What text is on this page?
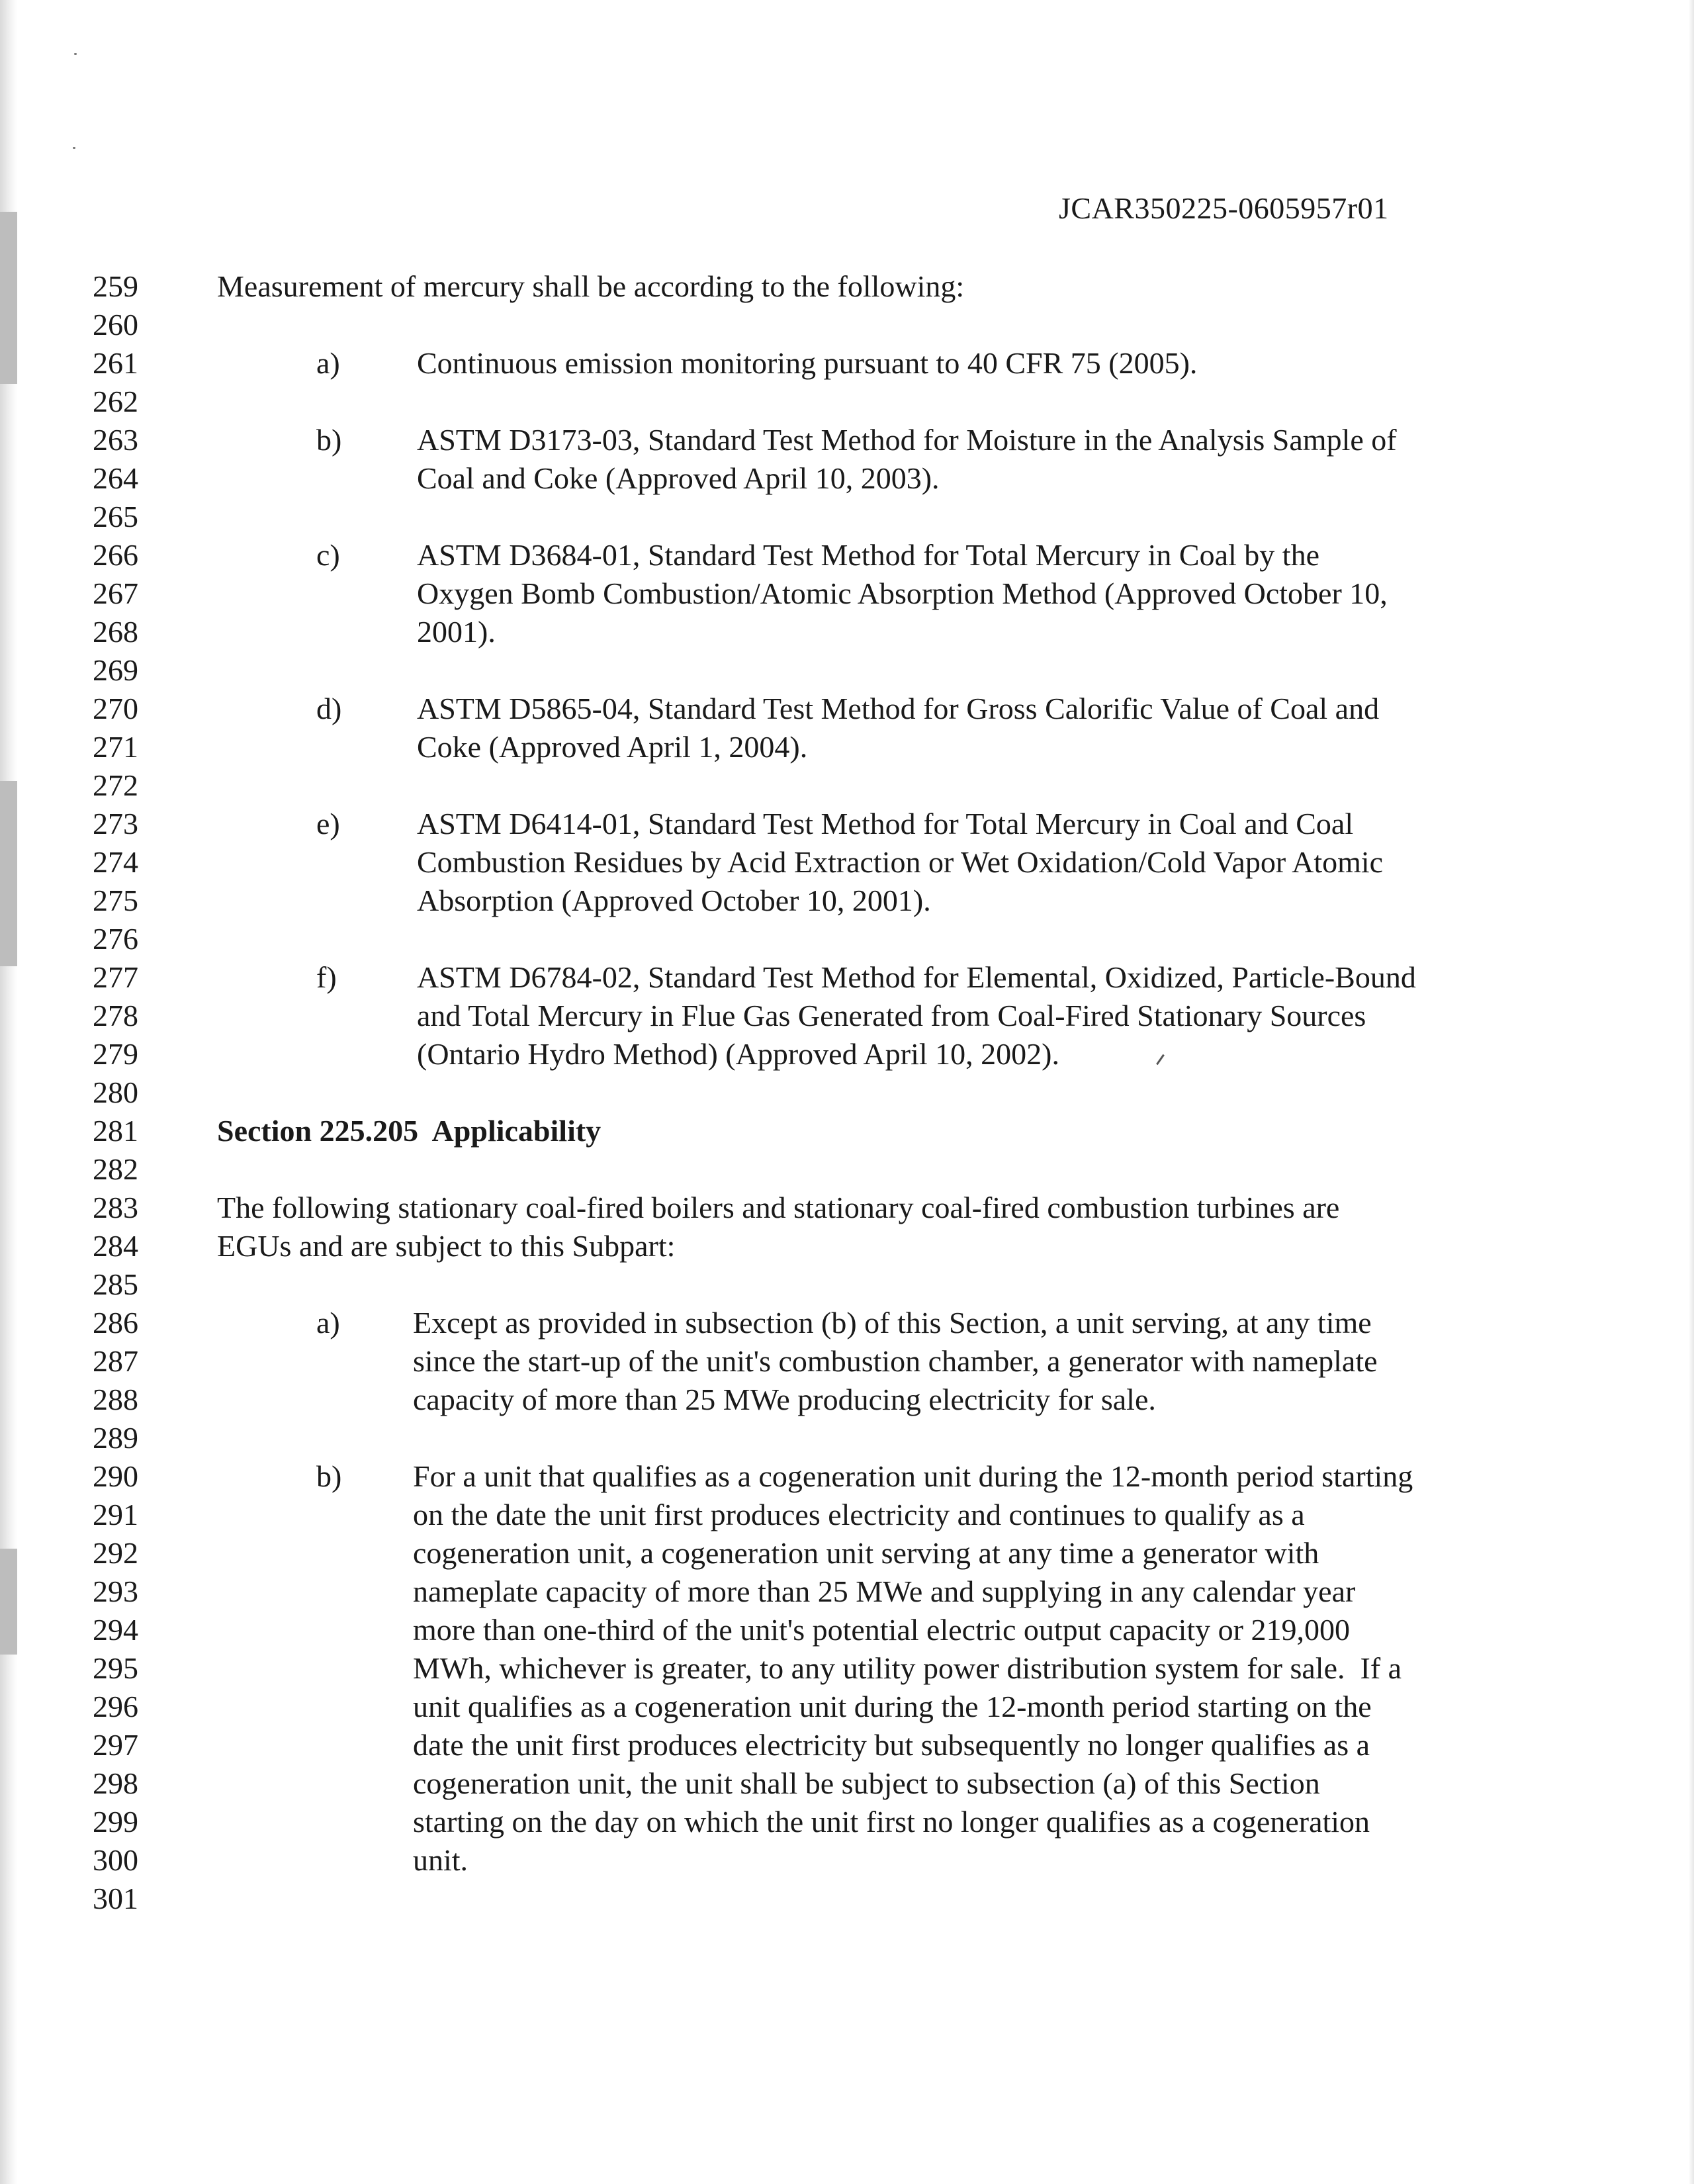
JCAR350225-0605957r01
259
260
261
262
263
264
265
266
267
268
269
270
271
272
273
274
275
276
277
278
279
280
281
282
283
284
285
286
287
288
289
290
291
292
293
294
295
296
297
298
299
300
301
Measurement of mercury shall be according to the following:
a)	Continuous emission monitoring pursuant to 40 CFR 75 (2005).
b) ASTM D3173-03, Standard Test Method for Moisture in the Analysis Sample of
Coal and Coke (Approved April 10, 2003).
c)	ASTM D3684-01, Standard Test Method for Total Mercury in Coal by the
Oxygen Bomb Combustion/Atomic Absorption Method (Approved October 10,
2001).
d) ASTM D5865-04, Standard Test Method for Gross Calorific Value of Coal and
Coke (Approved April 1, 2004).
e)	ASTM D6414-01, Standard Test Method for Total Mercury in Coal and Coal
Combustion Residues by Acid Extraction or Wet Oxidation/Cold Vapor Atomic
Absorption (Approved October 10, 2001).
f)	ASTM D6784-02, Standard Test Method for Elemental, Oxidized, Particle-Bound
and Total Mercury in Flue Gas Generated from Coal-Fired Stationary Sources
(Ontario Hydro Method) (Approved April 10, 2002).
Section 225.205  Applicability
The following stationary coal-fired boilers and stationary coal-fired combustion turbines are
EGUs and are subject to this Subpart:
a) Except as provided in subsection (b) of this Section, a unit serving, at any time
since the start-up of the unit's combustion chamber, a generator with nameplate
capacity of more than 25 MWe producing electricity for sale.
b) For a unit that qualifies as a cogeneration unit during the 12-month period starting
on the date the unit first produces electricity and continues to qualify as a
cogeneration unit, a cogeneration unit serving at any time a generator with
nameplate capacity of more than 25 MWe and supplying in any calendar year
more than one-third of the unit's potential electric output capacity or 219,000
MWh, whichever is greater, to any utility power distribution system for sale.  If a
unit qualifies as a cogeneration unit during the 12-month period starting on the
date the unit first produces electricity but subsequently no longer qualifies as a
cogeneration unit, the unit shall be subject to subsection (a) of this Section
starting on the day on which the unit first no longer qualifies as a cogeneration
unit.
